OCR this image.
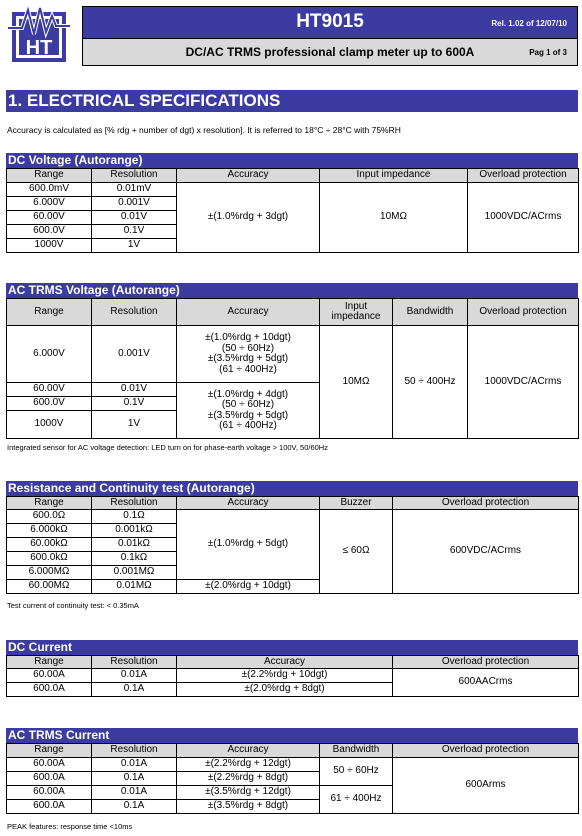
HT
HT9015	Rel. 1.02 of 12/07/10
DC/AC TRMS professional clamp meter up to 600A	Pag 1 of 3
1. ELECTRICAL SPECIFICATIONS
Accuracy is calculated as [% rdg + number of dgt) x resolution]. It is referred to 18°C ÷ 28°C with 75%RH
DC Voltage (Autorange)
Range	Resolution	Accuracy	Input impedance	Overload protection
600.0mV	0.01mV	±(1.0%rdg + 3dgt)	10MΩ	1000VDC/ACrms
6.000V	0.001V			
60.00V	0.01V			
600.0V	0.1V			
1000V	1V			
AC TRMS Voltage (Autorange)
Range	Resolution	Accuracy	Input impedance	Bandwidth	Overload protection
6.000V	0.001V	±(1.0%rdg + 10dgt)
(50 ÷ 60Hz)
±(3.5%rdg + 5dgt)
(61 ÷ 400Hz)	10MΩ	50 ÷ 400Hz	1000VDC/ACrms
60.00V	0.01V	±(1.0%rdg + 4dgt)
(50 ÷ 60Hz)
±(3.5%rdg + 5dgt)
(61 ÷ 400Hz)			

600.0V	0.1V				
1000V	1V				
Integrated sensor for AC voltage detection: LED turn on for phase-earth voltage > 100V, 50/60Hz
Resistance and Continuity test (Autorange)
Range	Resolution	Accuracy	Buzzer	Overload protection
600.0Ω	0.1Ω	±(1.0%rdg + 5dgt)	≤ 60Ω	600VDC/ACrms
6.000kΩ	0.001kΩ			
60.00kΩ	0.01kΩ			
600.0kΩ	0.1kΩ			
6.000MΩ	0.001MΩ			
60.00MΩ	0.01MΩ	±(2.0%rdg + 10dgt)		
Test current of continuity test: < 0.35mA
DC Current
Range	Resolution	Accuracy	Overload protection
60.00A	0.01A	±(2.2%rdg + 10dgt)	600AACrms
600.0A	0.1A	±(2.0%rdg + 8dgt)	
AC TRMS Current
Range	Resolution	Accuracy	Bandwidth	Overload protection
60.00A	0.01A	±(2.2%rdg + 12dgt)	50 ÷ 60Hz	600Arms
600.0A	0.1A	±(2.2%rdg + 8dgt)		
60.00A	0.01A	±(3.5%rdg + 12dgt)	61 ÷ 400Hz	
600.0A	0.1A	±(3.5%rdg + 8dgt)		
PEAK features: response time <10ms
